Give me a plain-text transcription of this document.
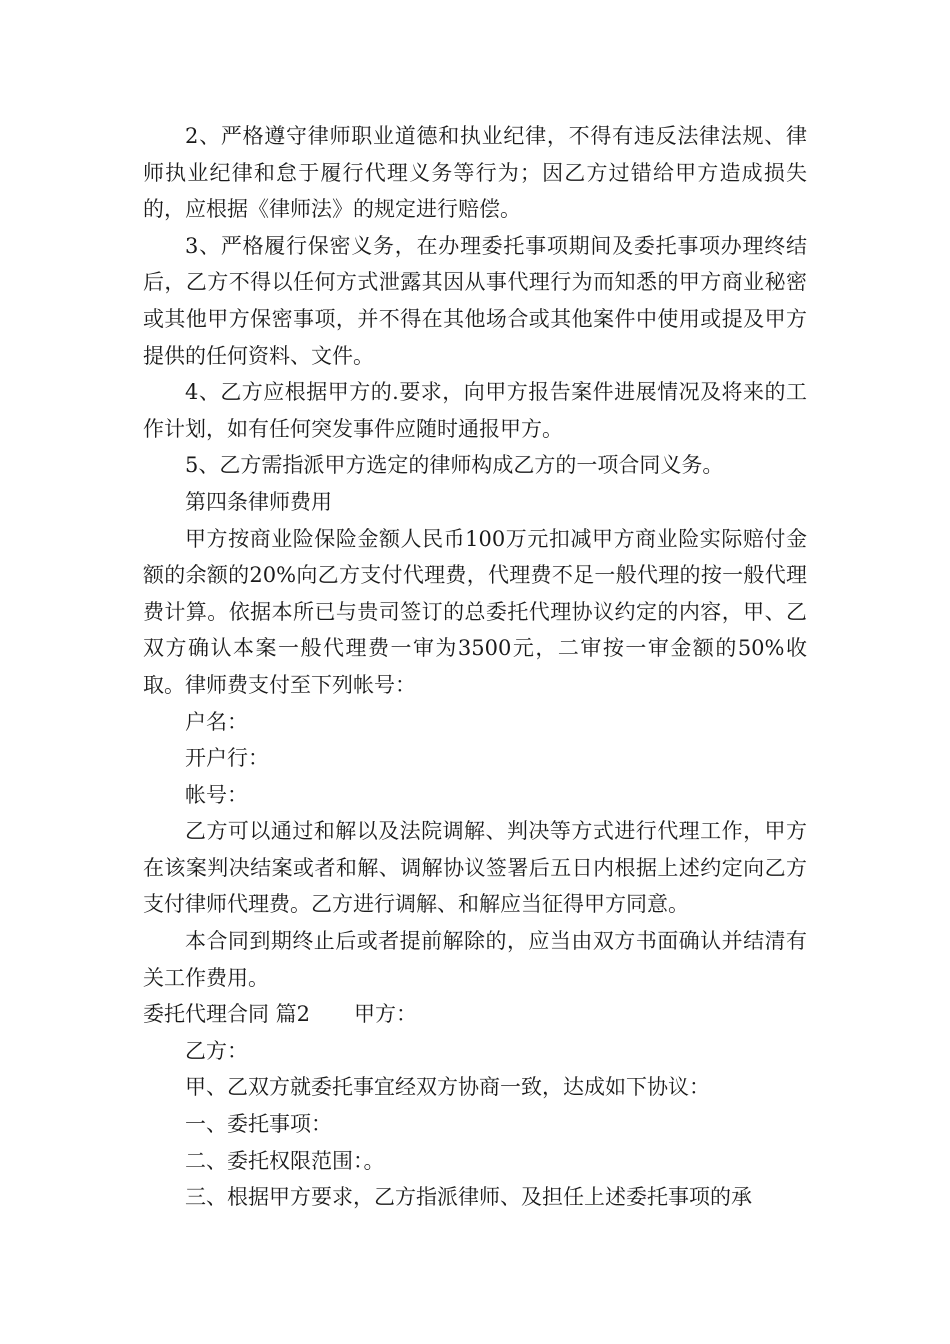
2、严格遵守律师职业道德和执业纪律，不得有违反法律法规、律师执业纪律和怠于履行代理义务等行为；因乙方过错给甲方造成损失的，应根据《律师法》的规定进行赔偿。

3、严格履行保密义务，在办理委托事项期间及委托事项办理终结后，乙方不得以任何方式泄露其因从事代理行为而知悉的甲方商业秘密或其他甲方保密事项，并不得在其他场合或其他案件中使用或提及甲方提供的任何资料、文件。

4、乙方应根据甲方的.要求，向甲方报告案件进展情况及将来的工作计划，如有任何突发事件应随时通报甲方。

5、乙方需指派甲方选定的律师构成乙方的一项合同义务。

第四条律师费用

甲方按商业险保险金额人民币100万元扣减甲方商业险实际赔付金额的余额的20%向乙方支付代理费，代理费不足一般代理的按一般代理费计算。依据本所已与贵司签订的总委托代理协议约定的内容，甲、乙双方确认本案一般代理费一审为3500元，二审按一审金额的50%收取。律师费支付至下列帐号：

户名：

开户行：

帐号：

乙方可以通过和解以及法院调解、判决等方式进行代理工作，甲方在该案判决结案或者和解、调解协议签署后五日内根据上述约定向乙方支付律师代理费。乙方进行调解、和解应当征得甲方同意。

本合同到期终止后或者提前解除的，应当由双方书面确认并结清有关工作费用。

委托代理合同 篇2 甲方：

乙方：

甲、乙双方就委托事宜经双方协商一致，达成如下协议：

一、委托事项：

二、委托权限范围：。

三、根据甲方要求，乙方指派律师、及担任上述委托事项的承
